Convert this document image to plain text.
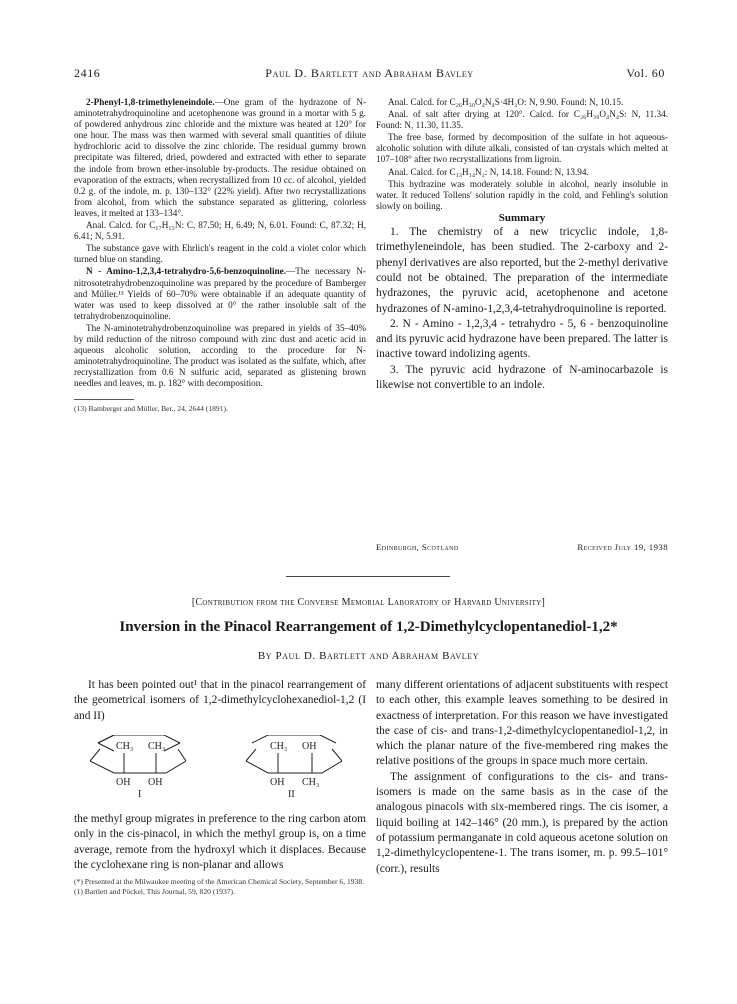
2416	Paul D. Bartlett and Abraham Bavley	Vol. 60

2-Phenyl-1,8-trimethyleneindole.—One gram of the hydrazone of N-aminotetrahydroquinoline and acetophenone was ground in a mortar with 5 g. of powdered anhydrous zinc chloride and the mixture was heated at 120° for one hour. The mass was then warmed with several small quantities of dilute hydrochloric acid to dissolve the zinc chloride. The residual gummy brown precipitate was filtered, dried, powdered and extracted with ether to separate the indole from brown ether-insoluble by-products. The residue obtained on evaporation of the extracts, when recrystallized from 10 cc. of alcohol, yielded 0.2 g. of the indole, m. p. 130–132° (22% yield). After two recrystallizations from alcohol, from which the substance separated as glittering, colorless leaves, it melted at 133–134°.

Anal. Calcd. for C₁₇H₁₅N: C, 87.50; H, 6.49; N, 6.01. Found: C, 87.32; H, 6.41; N, 5.91.

The substance gave with Ehrlich's reagent in the cold a violet color which turned blue on standing.

N - Amino-1,2,3,4-tetrahydro-5,6-benzoquinoline.—The necessary N-nitrosotetrahydrobenzoquinoline was prepared by the procedure of Bamberger and Müller.¹³ Yields of 60–70% were obtainable if an adequate quantity of water was used to keep dissolved at 0° the rather insoluble salt of the tetrahydrobenzoquinoline.

The N-aminotetrahydrobenzoquinoline was prepared in yields of 35–40% by mild reduction of the nitroso compound with zinc dust and acetic acid in aqueous alcoholic solution, according to the procedure for N-aminotetrahydroquinoline. The product was isolated as the sulfate, which, after recrystallization from 0.6 N sulfuric acid, separated as glistening brown needles and leaves, m. p. 182° with decomposition.

(13) Bamberger and Müller, Ber., 24, 2644 (1891).

Anal. Calcd. for C₂₆H₃₀O₄N₄S·4H₂O: N, 9.90. Found: N, 10.15.

Anal. of salt after drying at 120°. Calcd. for C₂₆H₃₀O₄N₄S: N, 11.34. Found: N, 11.30, 11.35.

The free base, formed by decomposition of the sulfate in hot aqueous-alcoholic solution with dilute alkali, consisted of tan crystals which melted at 107–108° after two recrystallizations from ligroin.

Anal. Calcd. for C₁₃H₁₄N₂: N, 14.18. Found: N, 13.94.

This hydrazine was moderately soluble in alcohol, nearly insoluble in water. It reduced Tollens' solution rapidly in the cold, and Fehling's solution slowly on boiling.

Summary

1. The chemistry of a new tricyclic indole, 1,8-trimethyleneindole, has been studied. The 2-carboxy and 2-phenyl derivatives are also reported, but the 2-methyl derivative could not be obtained. The preparation of the intermediate hydrazones, the pyruvic acid, acetophenone and acetone hydrazones of N-amino-1,2,3,4-tetrahydroquinoline is reported.

2. N - Amino - 1,2,3,4 - tetrahydro - 5, 6 - benzoquinoline and its pyruvic acid hydrazone have been prepared. The latter is inactive toward indolizing agents.

3. The pyruvic acid hydrazone of N-aminocarbazole is likewise not convertible to an indole.

Edinburgh, Scotland	Received July 19, 1938
[Contribution from the Converse Memorial Laboratory of Harvard University]
Inversion in the Pinacol Rearrangement of 1,2-Dimethylcyclopentanediol-1,2*
By Paul D. Bartlett and Abraham Bavley

It has been pointed out¹ that in the pinacol rearrangement of the geometrical isomers of 1,2-dimethylcyclohexanediol-1,2 (I and II)

CH₃ CH₃
OH OH
I
CH₃ OH
OH CH₃
II

the methyl group migrates in preference to the ring carbon atom only in the cis-pinacol, in which the methyl group is, on a time average, remote from the hydroxyl which it displaces. Because the cyclohexane ring is non-planar and allows

(*) Presented at the Milwaukee meeting of the American Chemical Society, September 6, 1938.

(1) Bartlett and Pöckel, This Journal, 59, 820 (1937).

many different orientations of adjacent substituents with respect to each other, this example leaves something to be desired in exactness of interpretation. For this reason we have investigated the case of cis- and trans-1,2-dimethylcyclopentanediol-1,2, in which the planar nature of the five-membered ring makes the relative positions of the groups in space much more certain.

The assignment of configurations to the cis- and trans-isomers is made on the same basis as in the case of the analogous pinacols with six-membered rings. The cis isomer, a liquid boiling at 142–146° (20 mm.), is prepared by the action of potassium permanganate in cold aqueous acetone solution on 1,2-dimethylcyclopentene-1. The trans isomer, m. p. 99.5–101° (corr.), results
